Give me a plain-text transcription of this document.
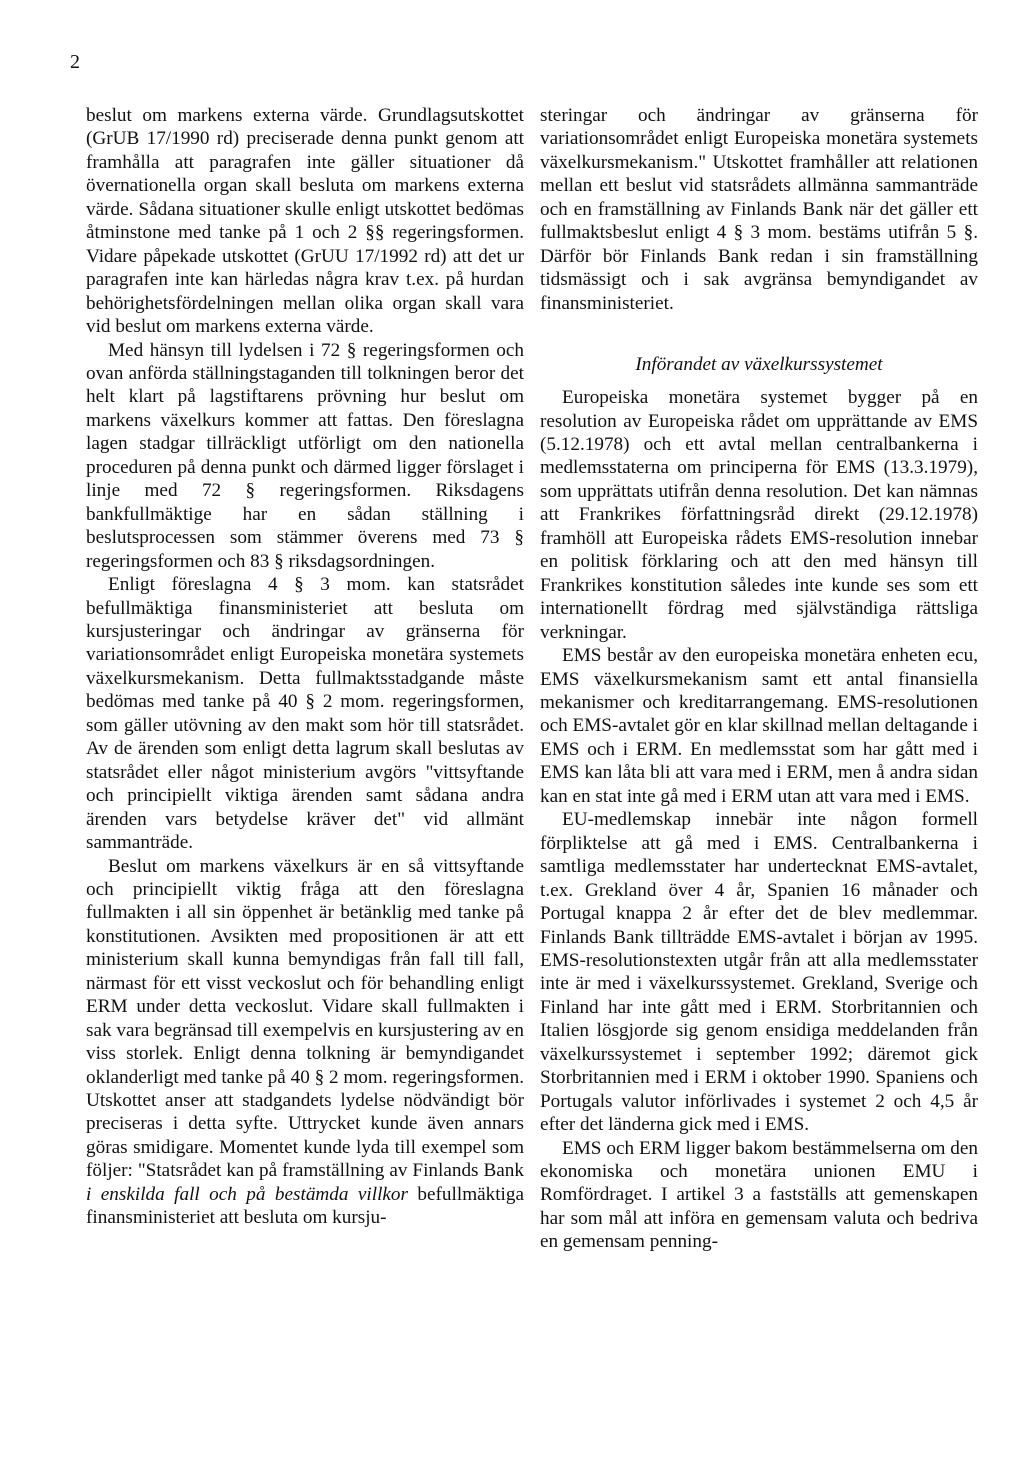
2

beslut om markens externa värde. Grundlagsutskottet (GrUB 17/1990 rd) preciserade denna punkt genom att framhålla att paragrafen inte gäller situationer då övernationella organ skall besluta om markens externa värde. Sådana situationer skulle enligt utskottet bedömas åtminstone med tanke på 1 och 2 §§ regeringsformen. Vidare påpekade utskottet (GrUU 17/1992 rd) att det ur paragrafen inte kan härledas några krav t.ex. på hurdan behörighetsfördelningen mellan olika organ skall vara vid beslut om markens externa värde.

Med hänsyn till lydelsen i 72 § regeringsformen och ovan anförda ställningstaganden till tolkningen beror det helt klart på lagstiftarens prövning hur beslut om markens växelkurs kommer att fattas. Den föreslagna lagen stadgar tillräckligt utförligt om den nationella proceduren på denna punkt och därmed ligger förslaget i linje med 72 § regeringsformen. Riksdagens bankfullmäktige har en sådan ställning i beslutsprocessen som stämmer överens med 73 § regeringsformen och 83 § riksdagsordningen.

Enligt föreslagna 4 § 3 mom. kan statsrådet befullmäktiga finansministeriet att besluta om kursjusteringar och ändringar av gränserna för variationsområdet enligt Europeiska monetära systemets växelkursmekanism. Detta fullmaktsstadgande måste bedömas med tanke på 40 § 2 mom. regeringsformen, som gäller utövning av den makt som hör till statsrådet. Av de ärenden som enligt detta lagrum skall beslutas av statsrådet eller något ministerium avgörs "vittsyftande och principiellt viktiga ärenden samt sådana andra ärenden vars betydelse kräver det" vid allmänt sammanträde.

Beslut om markens växelkurs är en så vittsyftande och principiellt viktig fråga att den föreslagna fullmakten i all sin öppenhet är betänklig med tanke på konstitutionen. Avsikten med propositionen är att ett ministerium skall kunna bemyndigas från fall till fall, närmast för ett visst veckoslut och för behandling enligt ERM under detta veckoslut. Vidare skall fullmakten i sak vara begränsad till exempelvis en kursjustering av en viss storlek. Enligt denna tolkning är bemyndigandet oklanderligt med tanke på 40 § 2 mom. regeringsformen. Utskottet anser att stadgandets lydelse nödvändigt bör preciseras i detta syfte. Uttrycket kunde även annars göras smidigare. Momentet kunde lyda till exempel som följer: "Statsrådet kan på framställning av Finlands Bank i enskilda fall och på bestämda villkor befullmäktiga finansministeriet att besluta om kursju-

steringar och ändringar av gränserna för variationsområdet enligt Europeiska monetära systemets växelkursmekanism." Utskottet framhåller att relationen mellan ett beslut vid statsrådets allmänna sammanträde och en framställning av Finlands Bank när det gäller ett fullmaktsbeslut enligt 4 § 3 mom. bestäms utifrån 5 §. Därför bör Finlands Bank redan i sin framställning tidsmässigt och i sak avgränsa bemyndigandet av finansministeriet.

Införandet av växelkurssystemet

Europeiska monetära systemet bygger på en resolution av Europeiska rådet om upprättande av EMS (5.12.1978) och ett avtal mellan centralbankerna i medlemsstaterna om principerna för EMS (13.3.1979), som upprättats utifrån denna resolution. Det kan nämnas att Frankrikes författningsråd direkt (29.12.1978) framhöll att Europeiska rådets EMS-resolution innebar en politisk förklaring och att den med hänsyn till Frankrikes konstitution således inte kunde ses som ett internationellt fördrag med självständiga rättsliga verkningar.

EMS består av den europeiska monetära enheten ecu, EMS växelkursmekanism samt ett antal finansiella mekanismer och kreditarrangemang. EMS-resolutionen och EMS-avtalet gör en klar skillnad mellan deltagande i EMS och i ERM. En medlemsstat som har gått med i EMS kan låta bli att vara med i ERM, men å andra sidan kan en stat inte gå med i ERM utan att vara med i EMS.

EU-medlemskap innebär inte någon formell förpliktelse att gå med i EMS. Centralbankerna i samtliga medlemsstater har undertecknat EMS-avtalet, t.ex. Grekland över 4 år, Spanien 16 månader och Portugal knappa 2 år efter det de blev medlemmar. Finlands Bank tillträdde EMS-avtalet i början av 1995. EMS-resolutionstexten utgår från att alla medlemsstater inte är med i växelkurssystemet. Grekland, Sverige och Finland har inte gått med i ERM. Storbritannien och Italien lösgjorde sig genom ensidiga meddelanden från växelkurssystemet i september 1992; däremot gick Storbritannien med i ERM i oktober 1990. Spaniens och Portugals valutor införlivades i systemet 2 och 4,5 år efter det länderna gick med i EMS.

EMS och ERM ligger bakom bestämmelserna om den ekonomiska och monetära unionen EMU i Romfördraget. I artikel 3 a fastställs att gemenskapen har som mål att införa en gemensam valuta och bedriva en gemensam penning-
